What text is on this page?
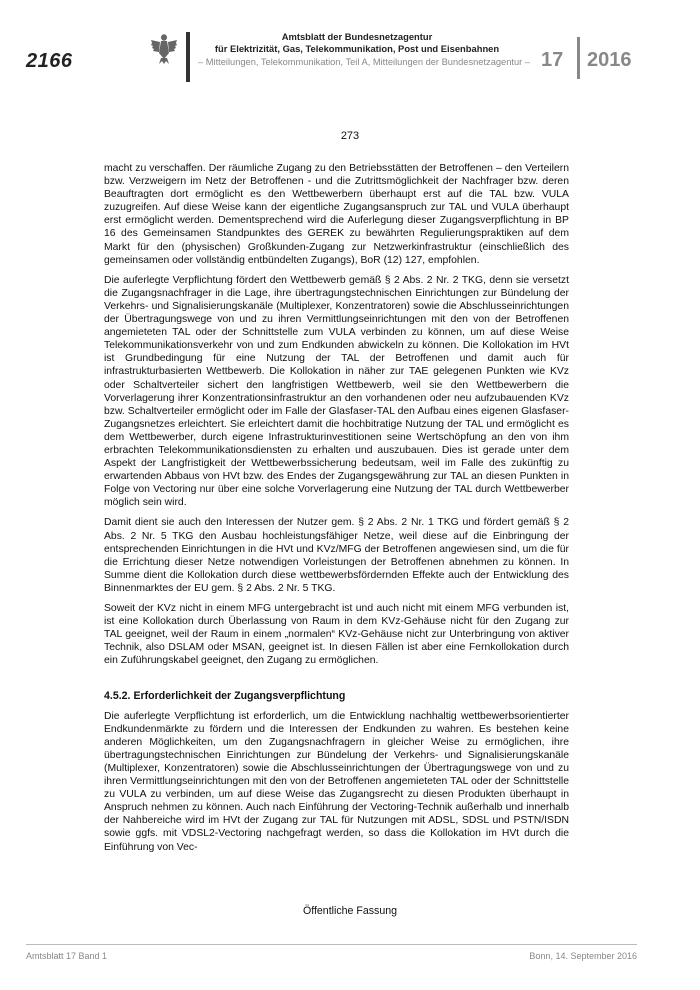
2166
Amtsblatt der Bundesnetzagentur
für Elektrizität, Gas, Telekommunikation, Post und Eisenbahnen
– Mitteilungen, Telekommunikation, Teil A, Mitteilungen der Bundesnetzagentur – 17 2016
273

macht zu verschaffen. Der räumliche Zugang zu den Betriebsstätten der Betroffenen – den Verteilern bzw. Verzweigern im Netz der Betroffenen - und die Zutrittsmöglichkeit der Nachfrager bzw. deren Beauftragten dort ermöglicht es den Wettbewerbern überhaupt erst auf die TAL bzw. VULA zuzugreifen. Auf diese Weise kann der eigentliche Zugangsanspruch zur TAL und VULA überhaupt erst ermöglicht werden. Dementsprechend wird die Auferlegung dieser Zugangsverpflichtung in BP 16 des Gemeinsamen Standpunktes des GEREK zu bewährten Regulierungspraktiken auf dem Markt für den (physischen) Großkunden-Zugang zur Netzwerkinfrastruktur (einschließlich des gemeinsamen oder vollständig entbündelten Zugangs), BoR (12) 127, empfohlen.

Die auferlegte Verpflichtung fördert den Wettbewerb gemäß § 2 Abs. 2 Nr. 2 TKG, denn sie versetzt die Zugangsnachfrager in die Lage, ihre übertragungstechnischen Einrichtungen zur Bündelung der Verkehrs- und Signalisierungskanäle (Multiplexer, Konzentratoren) sowie die Abschlusseinrichtungen der Übertragungswege von und zu ihren Vermittlungseinrichtungen mit den von der Betroffenen angemieteten TAL oder der Schnittstelle zum VULA verbinden zu können, um auf diese Weise Telekommunikationsverkehr von und zum Endkunden abwickeln zu können. Die Kollokation im HVt ist Grundbedingung für eine Nutzung der TAL der Betroffenen und damit auch für infrastrukturbasierten Wettbewerb. Die Kollokation in näher zur TAE gelegenen Punkten wie KVz oder Schaltverteiler sichert den langfristigen Wettbewerb, weil sie den Wettbewerbern die Vorverlagerung ihrer Konzentrationsinfrastruktur an den vorhandenen oder neu aufzubauenden KVz bzw. Schaltverteiler ermöglicht oder im Falle der Glasfaser-TAL den Aufbau eines eigenen Glasfaser-Zugangsnetzes erleichtert. Sie erleichtert damit die hochbitratige Nutzung der TAL und ermöglicht es dem Wettbewerber, durch eigene Infrastrukturinvestitionen seine Wertschöpfung an den von ihm erbrachten Telekommunikationsdiensten zu erhalten und auszubauen. Dies ist gerade unter dem Aspekt der Langfristigkeit der Wettbewerbssicherung bedeutsam, weil im Falle des zukünftig zu erwartenden Abbaus von HVt bzw. des Endes der Zugangsgewährung zur TAL an diesen Punkten in Folge von Vectoring nur über eine solche Vorverlagerung eine Nutzung der TAL durch Wettbewerber möglich sein wird.

Damit dient sie auch den Interessen der Nutzer gem. § 2 Abs. 2 Nr. 1 TKG und fördert gemäß § 2 Abs. 2 Nr. 5 TKG den Ausbau hochleistungsfähiger Netze, weil diese auf die Einbringung der entsprechenden Einrichtungen in die HVt und KVz/MFG der Betroffenen angewiesen sind, um die für die Errichtung dieser Netze notwendigen Vorleistungen der Betroffenen abnehmen zu können. In Summe dient die Kollokation durch diese wettbewerbsfördernden Effekte auch der Entwicklung des Binnenmarktes der EU gem. § 2 Abs. 2 Nr. 5 TKG.

Soweit der KVz nicht in einem MFG untergebracht ist und auch nicht mit einem MFG verbunden ist, ist eine Kollokation durch Überlassung von Raum in dem KVz-Gehäuse nicht für den Zugang zur TAL geeignet, weil der Raum in einem „normalen“ KVz-Gehäuse nicht zur Unterbringung von aktiver Technik, also DSLAM oder MSAN, geeignet ist. In diesen Fällen ist aber eine Fernkollokation durch ein Zuführungskabel geeignet, den Zugang zu ermöglichen.

4.5.2. Erforderlichkeit der Zugangsverpflichtung

Die auferlegte Verpflichtung ist erforderlich, um die Entwicklung nachhaltig wettbewerbsorientierter Endkundenmärkte zu fördern und die Interessen der Endkunden zu wahren. Es bestehen keine anderen Möglichkeiten, um den Zugangsnachfragern in gleicher Weise zu ermöglichen, ihre übertragungstechnischen Einrichtungen zur Bündelung der Verkehrs- und Signalisierungskanäle (Multiplexer, Konzentratoren) sowie die Abschlusseinrichtungen der Übertragungswege von und zu ihren Vermittlungseinrichtungen mit den von der Betroffenen angemieteten TAL oder der Schnittstelle zu VULA zu verbinden, um auf diese Weise das Zugangsrecht zu diesen Produkten überhaupt in Anspruch nehmen zu können. Auch nach Einführung der Vectoring-Technik außerhalb und innerhalb der Nahbereiche wird im HVt der Zugang zur TAL für Nutzungen mit ADSL, SDSL und PSTN/ISDN sowie ggfs. mit VDSL2-Vectoring nachgefragt werden, so dass die Kollokation im HVt durch die Einführung von Vec-

Öffentliche Fassung
Amtsblatt 17 Band 1	Bonn, 14. September 2016
